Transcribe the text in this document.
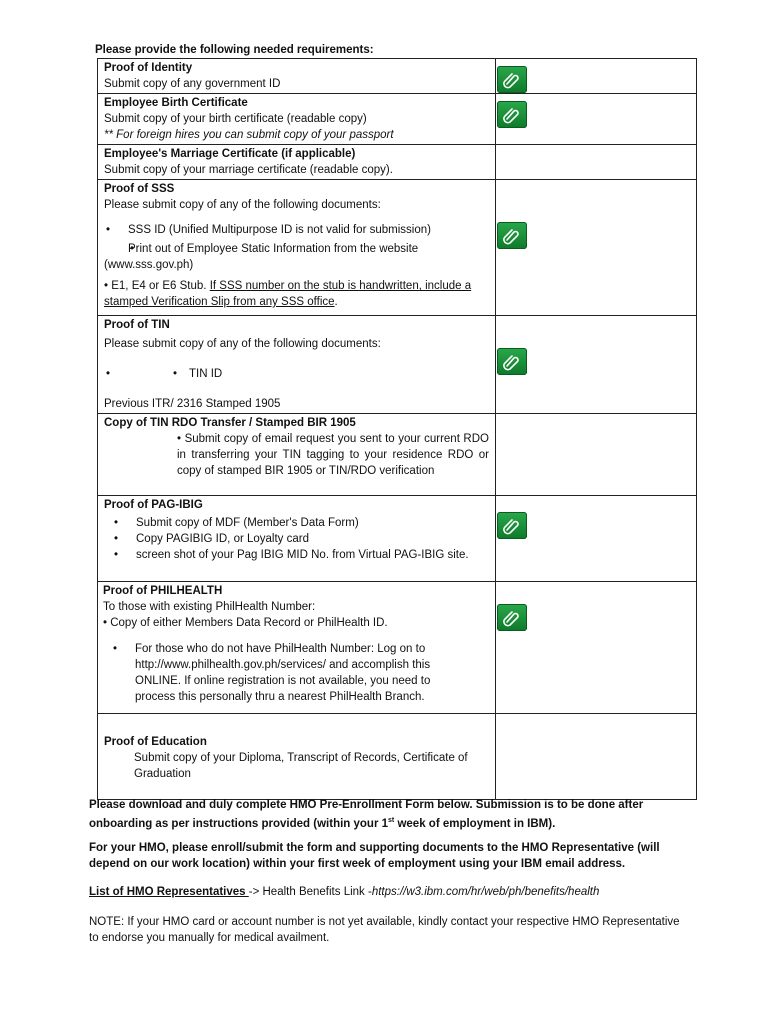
Please provide the following needed requirements:
Proof of Identity
Submit copy of any government ID

Employee Birth Certificate
Submit copy of your birth certificate (readable copy)
** For foreign hires you can submit copy of your passport

Employee's Marriage Certificate (if applicable)
Submit copy of your marriage certificate (readable copy).	

Proof of SSS
Please submit copy of any of the following documents:
• SSS ID (Unified Multipurpose ID is not valid for submission)
• Print out of Employee Static Information from the website (www.sss.gov.ph)
• E1, E4 or E6 Stub. If SSS number on the stub is handwritten, include a stamped Verification Slip from any SSS office.

Proof of TIN
Please submit copy of any of the following documents:
• • TIN ID
Previous ITR/ 2316 Stamped 1905

Copy of TIN RDO Transfer / Stamped BIR 1905
• Submit copy of email request you sent to your current RDO in transferring your TIN tagging to your residence RDO or copy of stamped BIR 1905 or TIN/RDO verification	

Proof of PAG-IBIG
• Submit copy of MDF (Member's Data Form)
• Copy PAGIBIG ID, or Loyalty card
• screen shot of your Pag IBIG MID No. from Virtual PAG-IBIG site.

Proof of PHILHEALTH
To those with existing PhilHealth Number:
• Copy of either Members Data Record or PhilHealth ID.
• For those who do not have PhilHealth Number: Log on to http://www.philhealth.gov.ph/services/ and accomplish this ONLINE. If online registration is not available, you need to process this personally thru a nearest PhilHealth Branch.

Proof of Education
Submit copy of your Diploma, Transcript of Records, Certificate of Graduation	

Please download and duly complete HMO Pre-Enrollment Form below. Submission is to be done after onboarding as per instructions provided (within your 1st week of employment in IBM).

For your HMO, please enroll/submit the form and supporting documents to the HMO Representative (will depend on our work location) within your first week of employment using your IBM email address.

List of HMO Representatives -> Health Benefits Link -https://w3.ibm.com/hr/web/ph/benefits/health

NOTE: If your HMO card or account number is not yet available, kindly contact your respective HMO Representative to endorse you manually for medical availment.
